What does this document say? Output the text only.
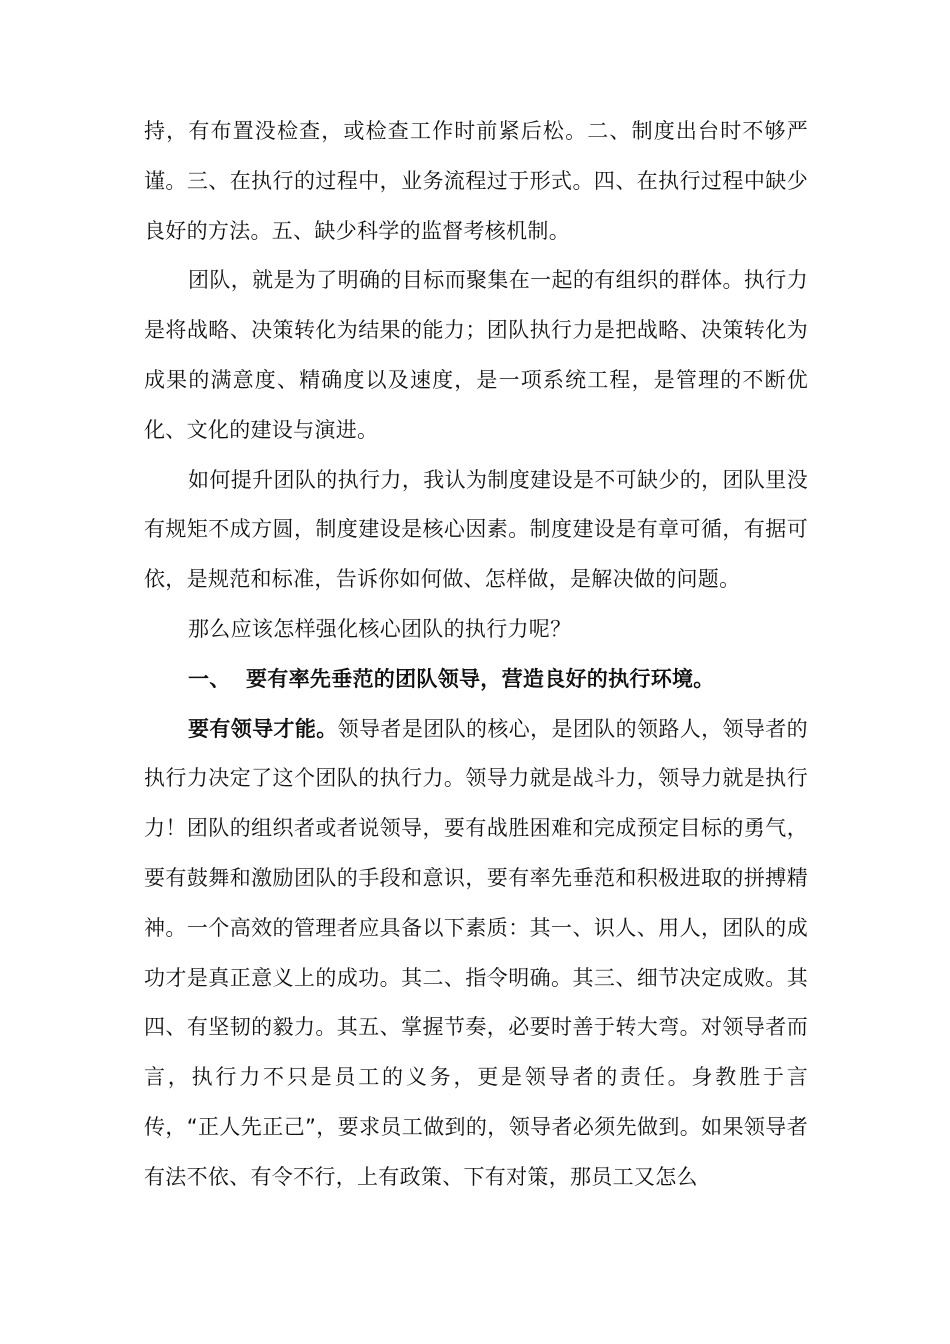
持，有布置没检查，或检查工作时前紧后松。二、制度出台时不够严谨。三、在执行的过程中，业务流程过于形式。四、在执行过程中缺少良好的方法。五、缺少科学的监督考核机制。

团队，就是为了明确的目标而聚集在一起的有组织的群体。执行力是将战略、决策转化为结果的能力；团队执行力是把战略、决策转化为成果的满意度、精确度以及速度，是一项系统工程，是管理的不断优化、文化的建设与演进。

如何提升团队的执行力，我认为制度建设是不可缺少的，团队里没有规矩不成方圆，制度建设是核心因素。制度建设是有章可循，有据可依，是规范和标准，告诉你如何做、怎样做，是解决做的问题。

那么应该怎样强化核心团队的执行力呢？

一、 要有率先垂范的团队领导，营造良好的执行环境。

要有领导才能。领导者是团队的核心，是团队的领路人，领导者的执行力决定了这个团队的执行力。领导力就是战斗力，领导力就是执行力！团队的组织者或者说领导，要有战胜困难和完成预定目标的勇气，要有鼓舞和激励团队的手段和意识，要有率先垂范和积极进取的拼搏精神。一个高效的管理者应具备以下素质：其一、识人、用人，团队的成功才是真正意义上的成功。其二、指令明确。其三、细节决定成败。其四、有坚韧的毅力。其五、掌握节奏，必要时善于转大弯。对领导者而言，执行力不只是员工的义务，更是领导者的责任。身教胜于言传，“正人先正己”，要求员工做到的，领导者必须先做到。如果领导者有法不依、有令不行，上有政策、下有对策，那员工又怎么
